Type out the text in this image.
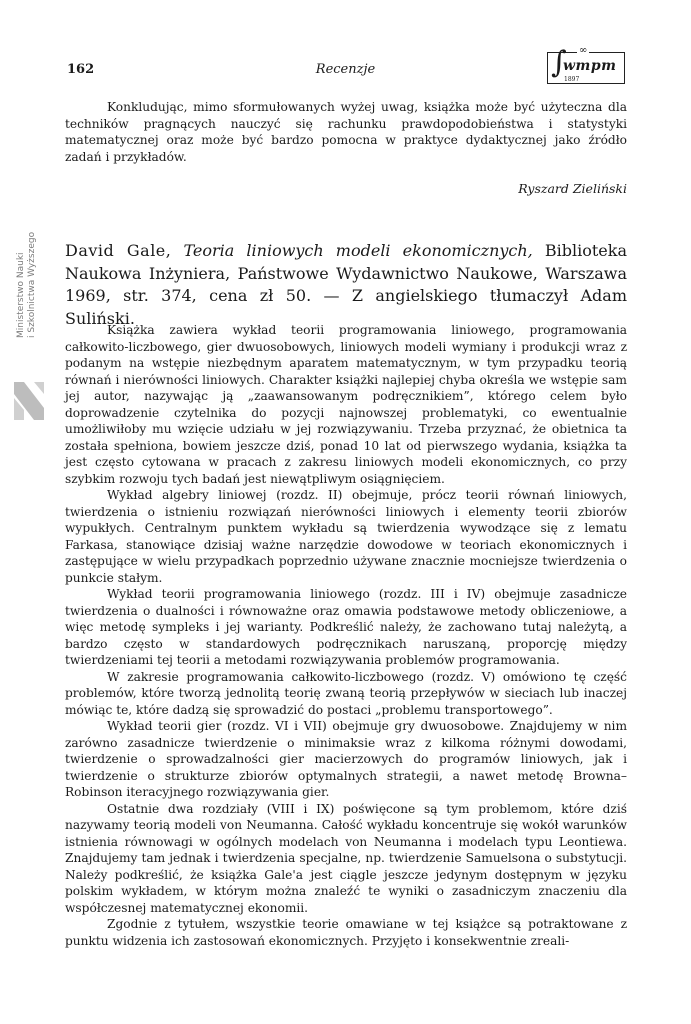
162	Recenzje
∞
∫
wmpm
1897
Ministerstwo Nauki i Szkolnictwa Wyższego

Konkludując, mimo sformułowanych wyżej uwag, książka może być użyteczna dla techników pragnących nauczyć się rachunku prawdopodobieństwa i statystyki matematycznej oraz może być bardzo pomocna w praktyce dydaktycznej jako źródło zadań i przykładów.

Ryszard Zieliński
David Gale, Teoria liniowych modeli ekonomicznych, Biblioteka Naukowa Inżyniera, Państwowe Wydawnictwo Naukowe, Warszawa 1969, str. 374, cena zł 50. — Z angielskiego tłumaczył Adam Suliński.

Książka zawiera wykład teorii programowania liniowego, programowania całkowito-liczbowego, gier dwuosobowych, liniowych modeli wymiany i produkcji wraz z podanym na wstępie niezbędnym aparatem matematycznym, w tym przypadku teorią równań i nierówności liniowych. Charakter książki najlepiej chyba określa we wstępie sam jej autor, nazywając ją „zaawansowanym podręcznikiem”, którego celem było doprowadzenie czytelnika do pozycji najnowszej problematyki, co ewentualnie umożliwiłoby mu wzięcie udziału w jej rozwiązywaniu. Trzeba przyznać, że obietnica ta została spełniona, bowiem jeszcze dziś, ponad 10 lat od pierwszego wydania, książka ta jest często cytowana w pracach z zakresu liniowych modeli ekonomicznych, co przy szybkim rozwoju tych badań jest niewątpliwym osiągnięciem.

Wykład algebry liniowej (rozdz. II) obejmuje, prócz teorii równań liniowych, twierdzenia o istnieniu rozwiązań nierówności liniowych i elementy teorii zbiorów wypukłych. Centralnym punktem wykładu są twierdzenia wywodzące się z lematu Farkasa, stanowiące dzisiaj ważne narzędzie dowodowe w teoriach ekonomicznych i zastępujące w wielu przypadkach poprzednio używane znacznie mocniejsze twierdzenia o punkcie stałym.

Wykład teorii programowania liniowego (rozdz. III i IV) obejmuje zasadnicze twierdzenia o dualności i równoważne oraz omawia podstawowe metody obliczeniowe, a więc metodę sympleks i jej warianty. Podkreślić należy, że zachowano tutaj należytą, a bardzo często w standardowych podręcznikach naruszaną, proporcję między twierdzeniami tej teorii a metodami rozwiązywania problemów programowania.

W zakresie programowania całkowito-liczbowego (rozdz. V) omówiono tę część problemów, które tworzą jednolitą teorię zwaną teorią przepływów w sieciach lub inaczej mówiąc te, które dadzą się sprowadzić do postaci „problemu transportowego”.

Wykład teorii gier (rozdz. VI i VII) obejmuje gry dwuosobowe. Znajdujemy w nim zarówno zasadnicze twierdzenie o minimaksie wraz z kilkoma różnymi dowodami, twierdzenie o sprowadzalności gier macierzowych do programów liniowych, jak i twierdzenie o strukturze zbiorów optymalnych strategii, a nawet metodę Browna–Robinson iteracyjnego rozwiązywania gier.

Ostatnie dwa rozdziały (VIII i IX) poświęcone są tym problemom, które dziś nazywamy teorią modeli von Neumanna. Całość wykładu koncentruje się wokół warunków istnienia równowagi w ogólnych modelach von Neumanna i modelach typu Leontiewa. Znajdujemy tam jednak i twierdzenia specjalne, np. twierdzenie Samuelsona o substytucji. Należy podkreślić, że książka Gale'a jest ciągle jeszcze jedynym dostępnym w języku polskim wykładem, w którym można znaleźć te wyniki o zasadniczym znaczeniu dla współczesnej matematycznej ekonomii.

Zgodnie z tytułem, wszystkie teorie omawiane w tej książce są potraktowane z punktu widzenia ich zastosowań ekonomicznych. Przyjęto i konsekwentnie zreali-
